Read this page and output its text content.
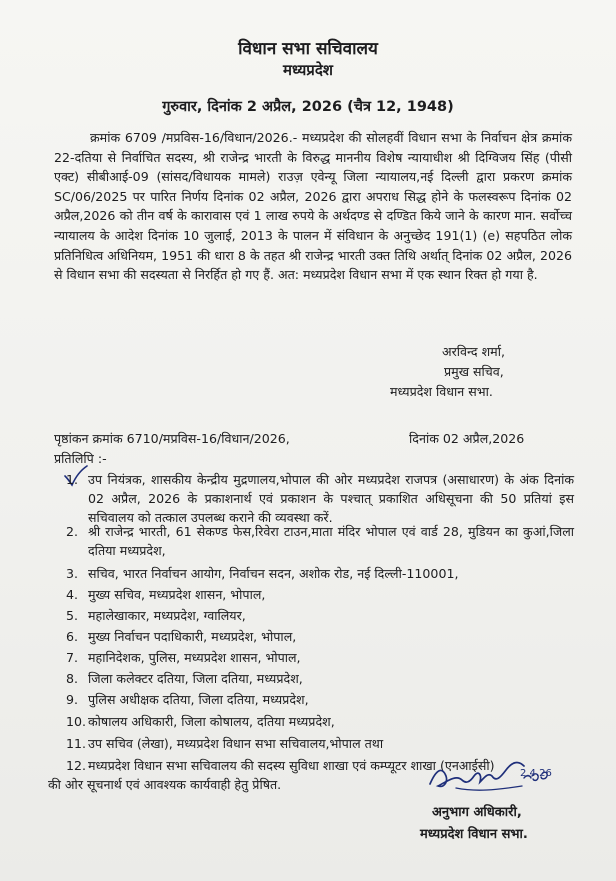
विधान सभा सचिवालय
मध्यप्रदेश
गुरुवार, दिनांक 2 अप्रैल, 2026 (चैत्र 12, 1948)
क्रमांक 6709 /मप्रविस-16/विधान/2026.- मध्यप्रदेश की सोलहवीं विधान सभा के निर्वाचन क्षेत्र क्रमांक 22-दतिया से निर्वाचित सदस्य, श्री राजेन्द्र भारती के विरुद्ध माननीय विशेष न्यायाधीश श्री दिग्विजय सिंह (पीसी एक्ट) सीबीआई-09 (सांसद/विधायक मामले) राउज़ एवेन्यू जिला न्यायालय,नई दिल्ली द्वारा प्रकरण क्रमांक SC/06/2025 पर पारित निर्णय दिनांक 02 अप्रैल, 2026 द्वारा अपराध सिद्ध होने के फलस्वरूप दिनांक 02 अप्रैल,2026 को तीन वर्ष के कारावास एवं 1 लाख रुपये के अर्थदण्ड से दण्डित किये जाने के कारण मान. सर्वोच्च न्यायालय के आदेश दिनांक 10 जुलाई, 2013 के पालन में संविधान के अनुच्छेद 191(1) (e) सहपठित लोक प्रतिनिधित्व अधिनियम, 1951 की धारा 8 के तहत श्री राजेन्द्र भारती उक्त तिथि अर्थात् दिनांक 02 अप्रैल, 2026 से विधान सभा की सदस्यता से निरर्हित हो गए हैं. अत: मध्यप्रदेश विधान सभा में एक स्थान रिक्त हो गया है.
अरविन्द शर्मा,
प्रमुख सचिव,
मध्यप्रदेश विधान सभा.
पृष्ठांकन क्रमांक 6710/मप्रविस-16/विधान/2026,	दिनांक 02 अप्रैल,2026
प्रतिलिपि :-
1. उप नियंत्रक, शासकीय केन्द्रीय मुद्रणालय,भोपाल की ओर मध्यप्रदेश राजपत्र (असाधारण) के अंक दिनांक 02 अप्रैल, 2026 के प्रकाशनार्थ एवं प्रकाशन के पश्चात् प्रकाशित अधिसूचना की 50 प्रतियां इस सचिवालय को तत्काल उपलब्ध कराने की व्यवस्था करें.
2. श्री राजेन्द्र भारती, 61 सेकण्ड फेस,रिवेरा टाउन,माता मंदिर भोपाल एवं वार्ड 28, मुडियन का कुआं,जिला दतिया मध्यप्रदेश,
3. सचिव, भारत निर्वाचन आयोग, निर्वाचन सदन, अशोक रोड, नई दिल्ली-110001,
4. मुख्य सचिव, मध्यप्रदेश शासन, भोपाल,
5. महालेखाकार, मध्यप्रदेश, ग्वालियर,
6. मुख्य निर्वाचन पदाधिकारी, मध्यप्रदेश, भोपाल,
7. महानिदेशक, पुलिस, मध्यप्रदेश शासन, भोपाल,
8. जिला कलेक्टर दतिया, जिला दतिया, मध्यप्रदेश,
9. पुलिस अधीक्षक दतिया, जिला दतिया, मध्यप्रदेश,
10. कोषालय अधिकारी, जिला कोषालय, दतिया मध्यप्रदेश,
11. उप सचिव (लेखा), मध्यप्रदेश विधान सभा सचिवालय,भोपाल तथा
12. मध्यप्रदेश विधान सभा सचिवालय की सदस्य सुविधा शाखा एवं कम्प्यूटर शाखा (एनआईसी)
की ओर सूचनार्थ एवं आवश्यक कार्यवाही हेतु प्रेषित.
2.4.26
अनुभाग अधिकारी,
मध्यप्रदेश विधान सभा.
